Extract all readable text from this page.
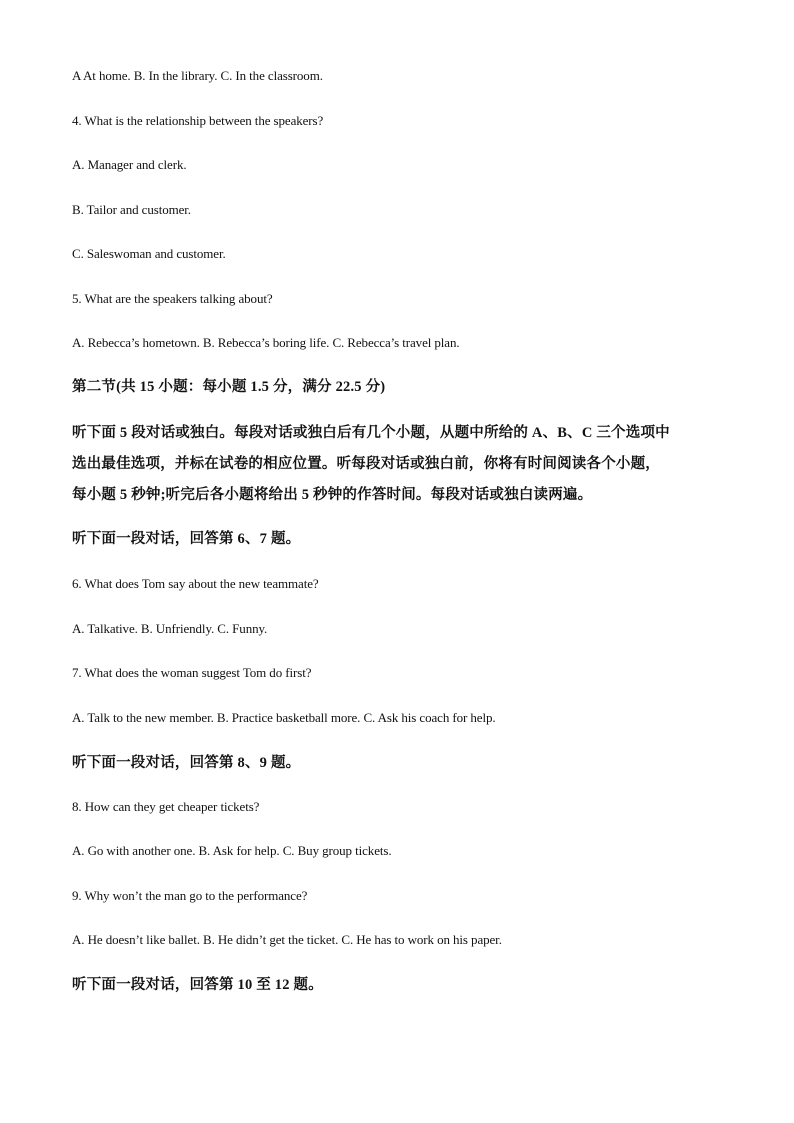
A At home. B. In the library. C. In the classroom.
4. What is the relationship between the speakers?
A. Manager and clerk.
B. Tailor and customer.
C. Saleswoman and customer.
5. What are the speakers talking about?
A. Rebecca’s hometown. B. Rebecca’s boring life. C. Rebecca’s travel plan.
第二节(共 15 小题：每小题 1.5 分，满分 22.5 分)
听下面 5 段对话或独白。每段对话或独白后有几个小题，从题中所给的 A、B、C 三个选项中
选出最佳选项，并标在试卷的相应位置。听每段对话或独白前，你将有时间阅读各个小题，
每小题 5 秒钟;听完后各小题将给出 5 秒钟的作答时间。每段对话或独白读两遍。
听下面一段对话，回答第 6、7 题。
6. What does Tom say about the new teammate?
A. Talkative. B. Unfriendly. C. Funny.
7. What does the woman suggest Tom do first?
A. Talk to the new member. B. Practice basketball more. C. Ask his coach for help.
听下面一段对话，回答第 8、9 题。
8. How can they get cheaper tickets?
A. Go with another one. B. Ask for help. C. Buy group tickets.
9. Why won’t the man go to the performance?
A. He doesn’t like ballet. B. He didn’t get the ticket. C. He has to work on his paper.
听下面一段对话，回答第 10 至 12 题。
